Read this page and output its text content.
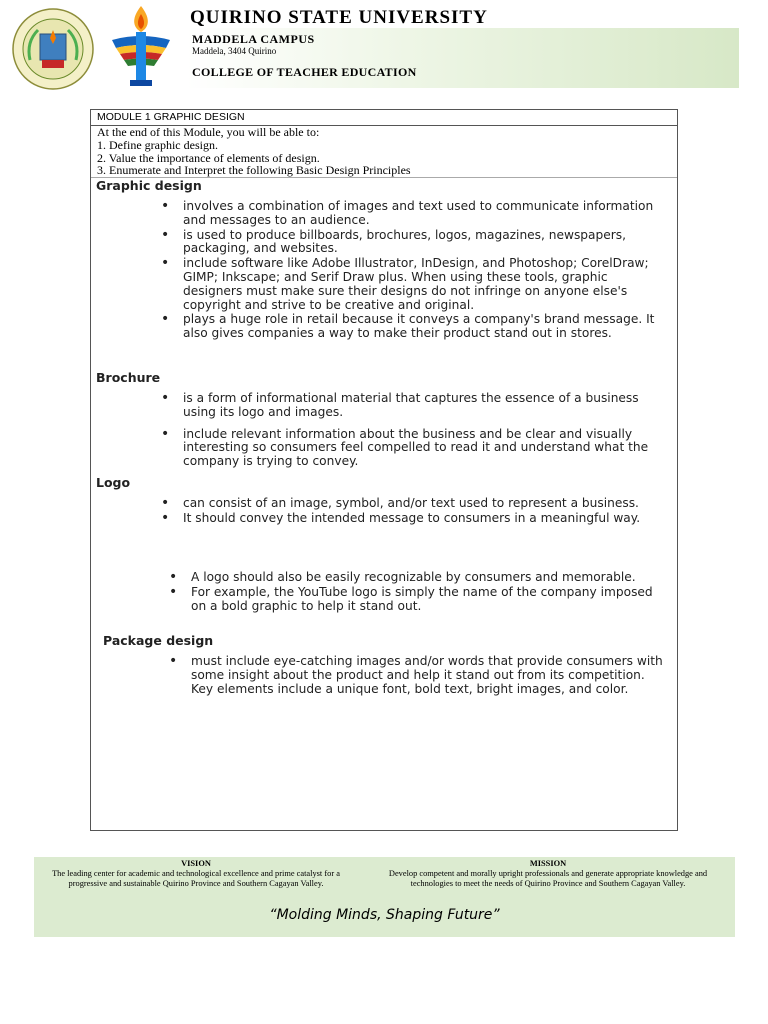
QUIRINO STATE UNIVERSITY
MADDELA CAMPUS
Maddela, 3404 Quirino
COLLEGE OF TEACHER EDUCATION
MODULE 1 GRAPHIC DESIGN
At the end of this Module, you will be able to:
1. Define graphic design.
2. Value the importance of elements of design.
3. Enumerate and Interpret the following Basic Design Principles
Graphic design
• involves a combination of images and text used to communicate information and messages to an audience.
• is used to produce billboards, brochures, logos, magazines, newspapers, packaging, and websites.
• include software like Adobe Illustrator, InDesign, and Photoshop; CorelDraw; GIMP; Inkscape; and Serif Draw plus. When using these tools, graphic designers must make sure their designs do not infringe on anyone else's copyright and strive to be creative and original.
• plays a huge role in retail because it conveys a company's brand message. It also gives companies a way to make their product stand out in stores.
Brochure
• is a form of informational material that captures the essence of a business using its logo and images.
• include relevant information about the business and be clear and visually interesting so consumers feel compelled to read it and understand what the company is trying to convey.
Logo
• can consist of an image, symbol, and/or text used to represent a business.
• It should convey the intended message to consumers in a meaningful way.
• A logo should also be easily recognizable by consumers and memorable.
• For example, the YouTube logo is simply the name of the company imposed on a bold graphic to help it stand out.
Package design
• must include eye-catching images and/or words that provide consumers with some insight about the product and help it stand out from its competition. Key elements include a unique font, bold text, bright images, and color.
VISION
The leading center for academic and technological excellence and prime catalyst for a progressive and sustainable Quirino Province and Southern Cagayan Valley.
MISSION
Develop competent and morally upright professionals and generate appropriate knowledge and technologies to meet the needs of Quirino Province and Southern Cagayan Valley.
“Molding Minds, Shaping Future”
